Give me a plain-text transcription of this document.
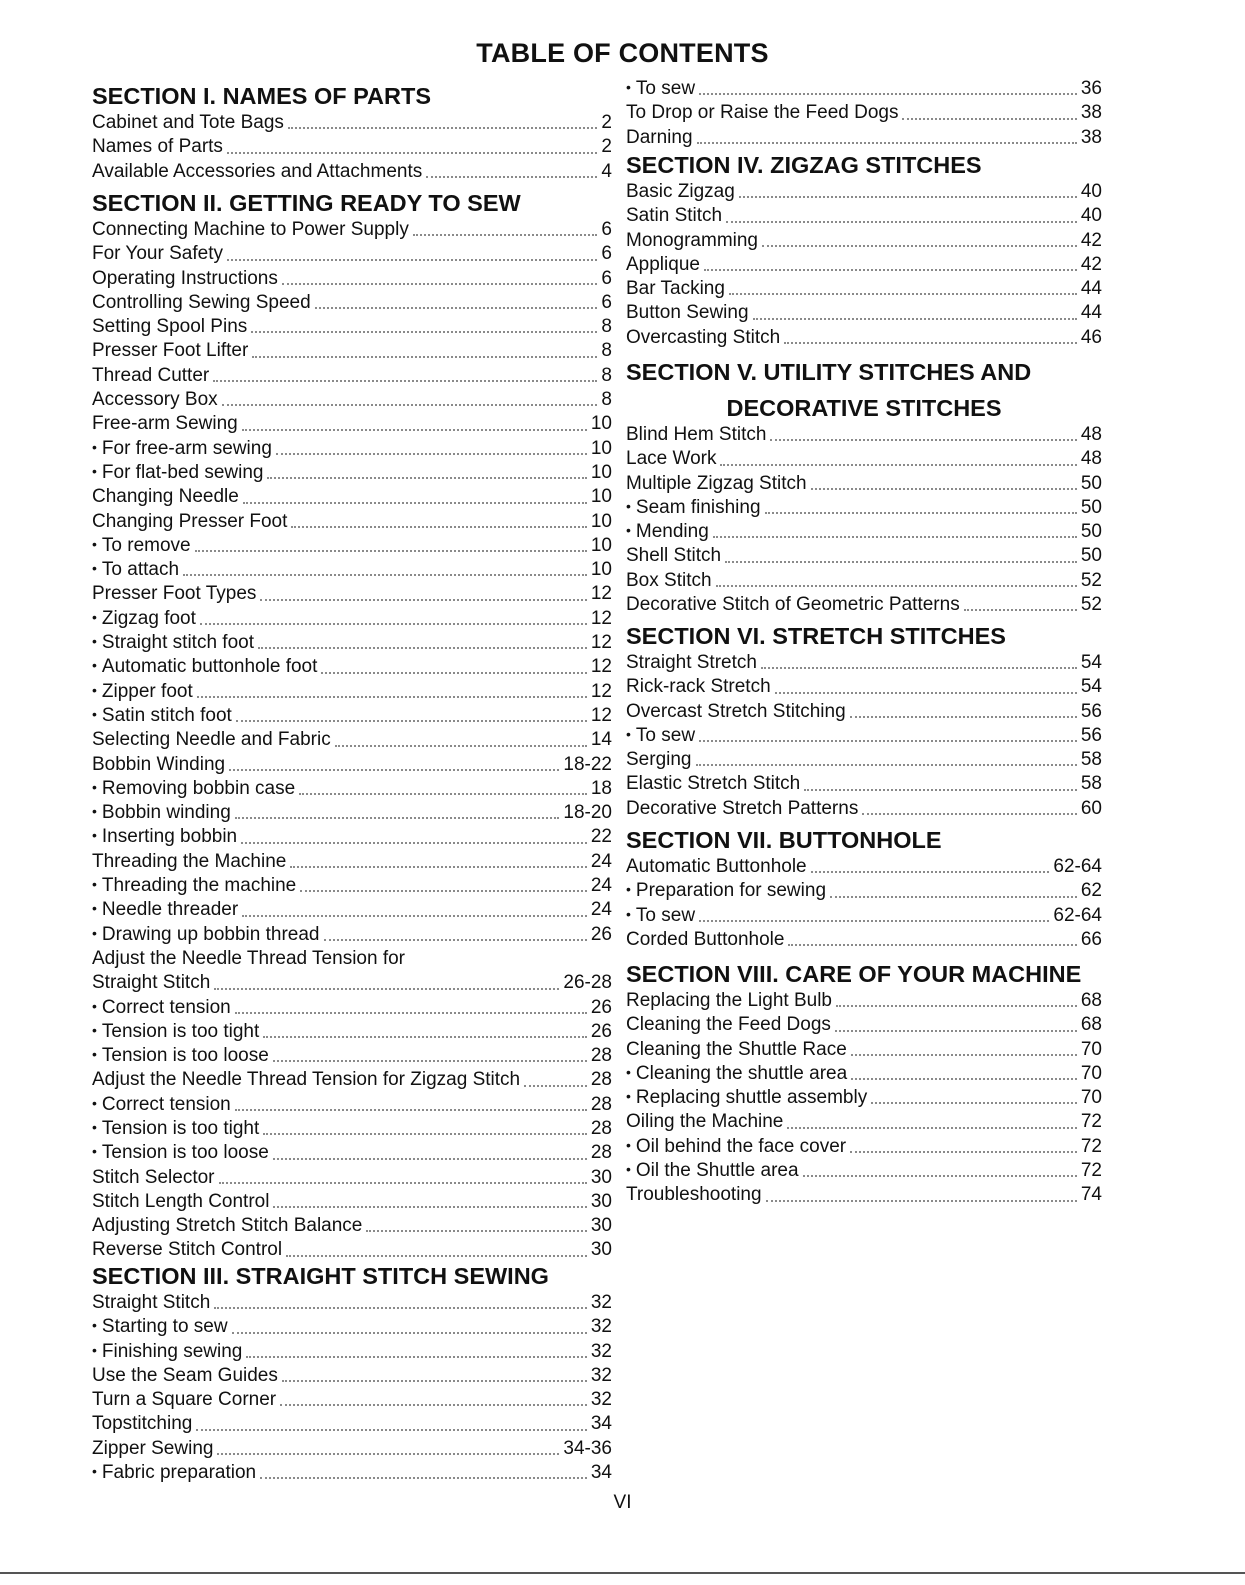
TABLE OF CONTENTS
SECTION I. NAMES OF PARTS
Cabinet and Tote Bags	2
Names of Parts	2
Available Accessories and Attachments	4
SECTION II. GETTING READY TO SEW
Connecting Machine to Power Supply	6
For Your Safety	6
Operating Instructions	6
Controlling Sewing Speed	6
Setting Spool Pins	8
Presser Foot Lifter	8
Thread Cutter	8
Accessory Box	8
Free-arm Sewing	10
• For free-arm sewing	10
• For flat-bed sewing	10
Changing Needle	10
Changing Presser Foot	10
• To remove	10
• To attach	10
Presser Foot Types	12
• Zigzag foot	12
• Straight stitch foot	12
• Automatic buttonhole foot	12
• Zipper foot	12
• Satin stitch foot	12
Selecting Needle and Fabric	14
Bobbin Winding	18-22
• Removing bobbin case	18
• Bobbin winding	18-20
• Inserting bobbin	22
Threading the Machine	24
• Threading the machine	24
• Needle threader	24
• Drawing up bobbin thread	26
Adjust the Needle Thread Tension for
Straight Stitch	26-28
• Correct tension	26
• Tension is too tight	26
• Tension is too loose	28
Adjust the Needle Thread Tension for Zigzag Stitch	28
• Correct tension	28
• Tension is too tight	28
• Tension is too loose	28
Stitch Selector	30
Stitch Length Control	30
Adjusting Stretch Stitch Balance	30
Reverse Stitch Control	30
SECTION III. STRAIGHT STITCH SEWING
Straight Stitch	32
• Starting to sew	32
• Finishing sewing	32
Use the Seam Guides	32
Turn a Square Corner	32
Topstitching	34
Zipper Sewing	34-36
• Fabric preparation	34
• To sew	36
To Drop or Raise the Feed Dogs	38
Darning	38
SECTION IV. ZIGZAG STITCHES
Basic Zigzag	40
Satin Stitch	40
Monogramming	42
Applique	42
Bar Tacking	44
Button Sewing	44
Overcasting Stitch	46
SECTION V. UTILITY STITCHES AND
DECORATIVE STITCHES
Blind Hem Stitch	48
Lace Work	48
Multiple Zigzag Stitch	50
• Seam finishing	50
• Mending	50
Shell Stitch	50
Box Stitch	52
Decorative Stitch of Geometric Patterns	52
SECTION VI. STRETCH STITCHES
Straight Stretch	54
Rick-rack Stretch	54
Overcast Stretch Stitching	56
• To sew	56
Serging	58
Elastic Stretch Stitch	58
Decorative Stretch Patterns	60
SECTION VII. BUTTONHOLE
Automatic Buttonhole	62-64
• Preparation for sewing	62
• To sew	62-64
Corded Buttonhole	66
SECTION VIII. CARE OF YOUR MACHINE
Replacing the Light Bulb	68
Cleaning the Feed Dogs	68
Cleaning the Shuttle Race	70
• Cleaning the shuttle area	70
• Replacing shuttle assembly	70
Oiling the Machine	72
• Oil behind the face cover	72
• Oil the Shuttle area	72
Troubleshooting	74
VI
